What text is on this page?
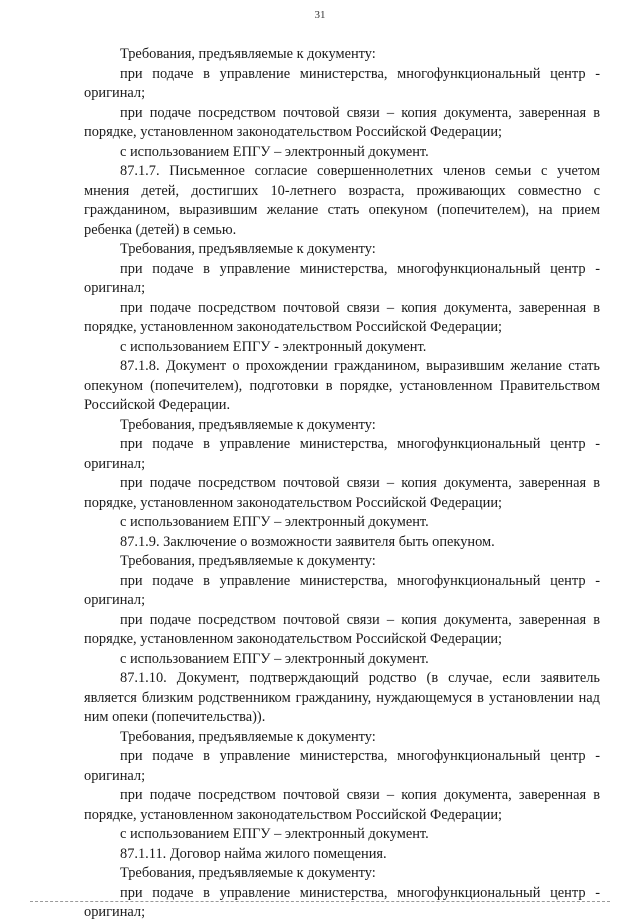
31

Требования, предъявляемые к документу:

при подаче в управление министерства, многофункциональный центр - оригинал;

при подаче посредством почтовой связи – копия документа, заверенная в порядке, установленном законодательством Российской Федерации;

с использованием ЕПГУ – электронный документ.

87.1.7. Письменное согласие совершеннолетних членов семьи с учетом мнения детей, достигших 10-летнего возраста, проживающих совместно с гражданином, выразившим желание стать опекуном (попечителем), на прием ребенка (детей) в семью.

Требования, предъявляемые к документу:

при подаче в управление министерства, многофункциональный центр - оригинал;

при подаче посредством почтовой связи – копия документа, заверенная в порядке, установленном законодательством Российской Федерации;

с использованием ЕПГУ - электронный документ.

87.1.8. Документ о прохождении гражданином, выразившим желание стать опекуном (попечителем), подготовки в порядке, установленном Правительством Российской Федерации.

Требования, предъявляемые к документу:

при подаче в управление министерства, многофункциональный центр - оригинал;

при подаче посредством почтовой связи – копия документа, заверенная в порядке, установленном законодательством Российской Федерации;

с использованием ЕПГУ – электронный документ.

87.1.9. Заключение о возможности заявителя быть опекуном.

Требования, предъявляемые к документу:

при подаче в управление министерства, многофункциональный центр - оригинал;

при подаче посредством почтовой связи – копия документа, заверенная в порядке, установленном законодательством Российской Федерации;

с использованием ЕПГУ – электронный документ.

87.1.10. Документ, подтверждающий родство (в случае, если заявитель является близким родственником гражданину, нуждающемуся в установлении над ним опеки (попечительства)).

Требования, предъявляемые к документу:

при подаче в управление министерства, многофункциональный центр - оригинал;

при подаче посредством почтовой связи – копия документа, заверенная в порядке, установленном законодательством Российской Федерации;

с использованием ЕПГУ – электронный документ.

87.1.11. Договор найма жилого помещения.

Требования, предъявляемые к документу:

при подаче в управление министерства, многофункциональный центр - оригинал;
